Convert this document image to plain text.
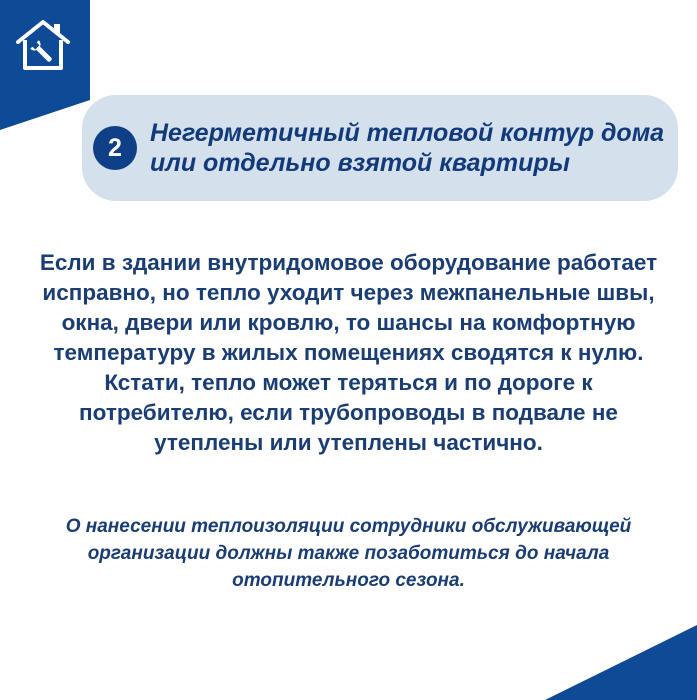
2
Негерметичный тепловой контур дома или отдельно взятой квартиры

Если в здании внутридомовое оборудование работает исправно, но тепло уходит через межпанельные швы, окна, двери или кровлю, то шансы на комфортную температуру в жилых помещениях сводятся к нулю.

Кстати, тепло может теряться и по дороге к потребителю, если трубопроводы в подвале не утеплены или утеплены частично.

О нанесении теплоизоляции сотрудники обслуживающей организации должны также позаботиться до начала отопительного сезона.
